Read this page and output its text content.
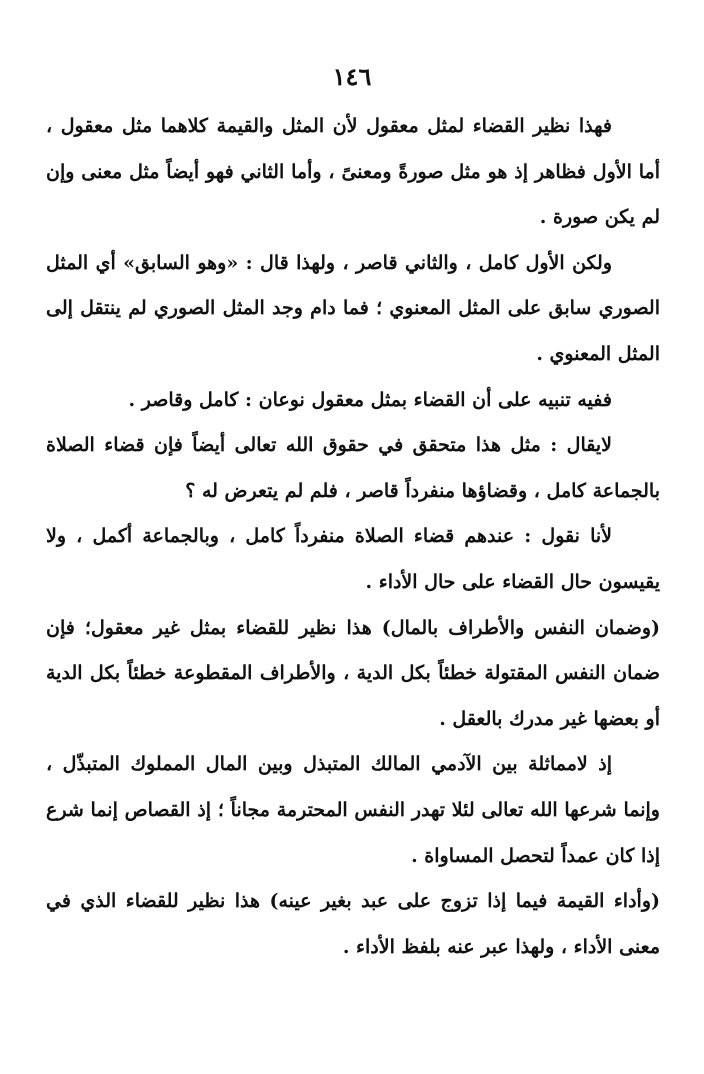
١٤٦

فهذا نظير القضاء لمثل معقول لأن المثل والقيمة كلاهما مثل معقول ، أما الأول فظاهر إذ هو مثل صورةً ومعنىً ، وأما الثاني فهو أيضاً مثل معنى وإن لم يكن صورة .

ولكن الأول كامل ، والثاني قاصر ، ولهذا قال : «وهو السابق» أي المثل الصوري سابق على المثل المعنوي ؛ فما دام وجد المثل الصوري لم ينتقل إلى المثل المعنوي .

ففيه تنبيه على أن القضاء بمثل معقول نوعان : كامل وقاصر .

لايقال : مثل هذا متحقق في حقوق الله تعالى أيضاً فإن قضاء الصلاة بالجماعة كامل ، وقضاؤها منفرداً قاصر ، فلم لم يتعرض له ؟

لأنا نقول : عندهم قضاء الصلاة منفرداً كامل ، وبالجماعة أكمل ، ولا يقيسون حال القضاء على حال الأداء .

(وضمان النفس والأطراف بالمال) هذا نظير للقضاء بمثل غير معقول؛ فإن ضمان النفس المقتولة خطئاً بكل الدية ، والأطراف المقطوعة خطئاً بكل الدية أو بعضها غير مدرك بالعقل .

إذ لامماثلة بين الآدمي المالك المتبذل وبين المال المملوك المتبذّل ، وإنما شرعها الله تعالى لئلا تهدر النفس المحترمة مجاناً ؛ إذ القصاص إنما شرع إذا كان عمداً لتحصل المساواة .

(وأداء القيمة فيما إذا تزوج على عبد بغير عينه) هذا نظير للقضاء الذي في معنى الأداء ، ولهذا عبر عنه بلفظ الأداء .
